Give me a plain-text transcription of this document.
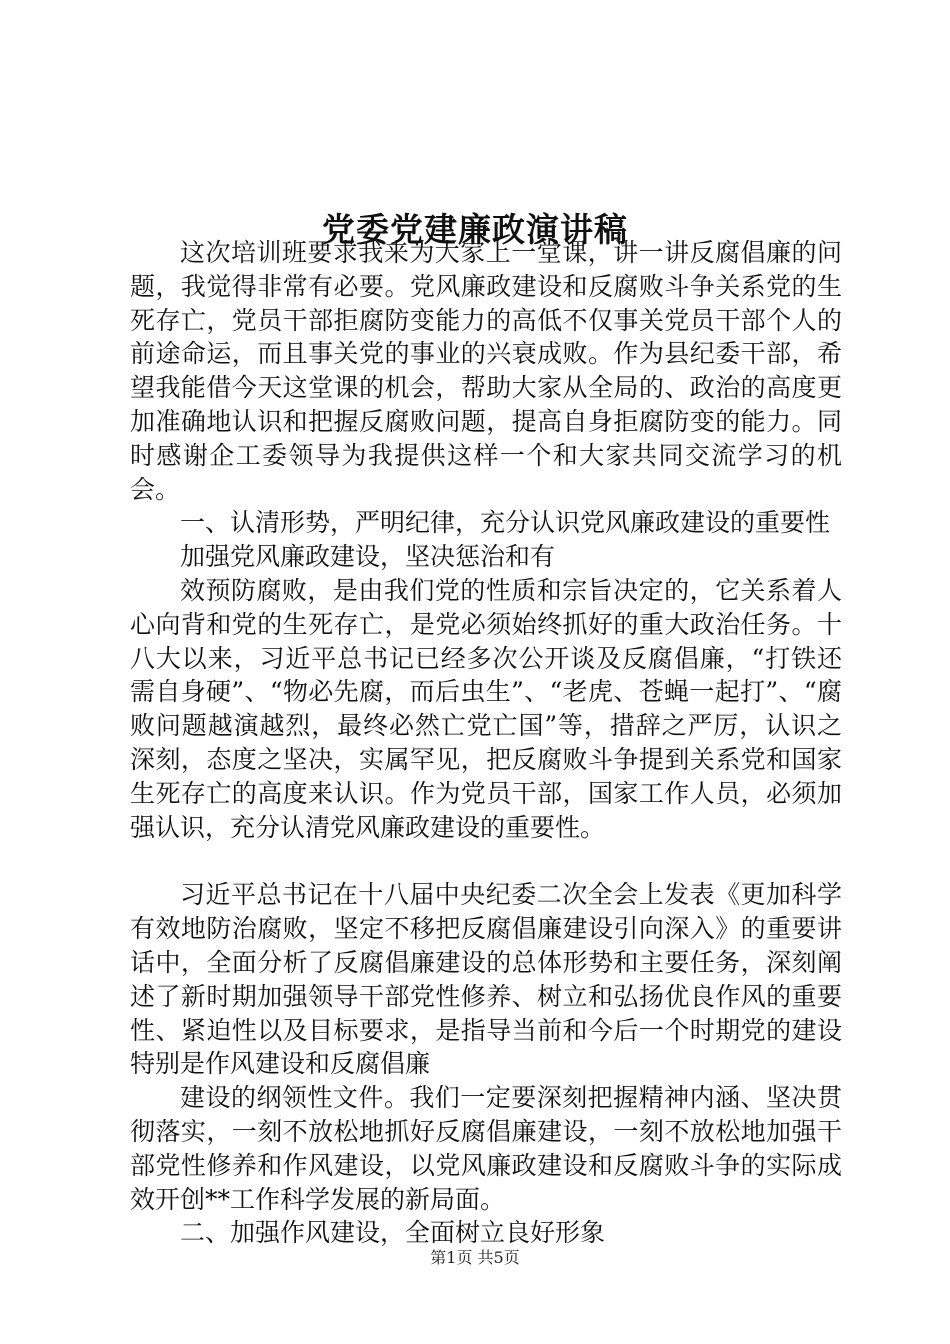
党委党建廉政演讲稿

这次培训班要求我来为大家上一堂课，讲一讲反腐倡廉的问题，我觉得非常有必要。党风廉政建设和反腐败斗争关系党的生死存亡，党员干部拒腐防变能力的高低不仅事关党员干部个人的前途命运，而且事关党的事业的兴衰成败。作为县纪委干部，希望我能借今天这堂课的机会，帮助大家从全局的、政治的高度更加准确地认识和把握反腐败问题，提高自身拒腐防变的能力。同时感谢企工委领导为我提供这样一个和大家共同交流学习的机会。

一、认清形势，严明纪律，充分认识党风廉政建设的重要性

加强党风廉政建设，坚决惩治和有

效预防腐败，是由我们党的性质和宗旨决定的，它关系着人心向背和党的生死存亡，是党必须始终抓好的重大政治任务。十八大以来，习近平总书记已经多次公开谈及反腐倡廉，“打铁还需自身硬”、“物必先腐，而后虫生”、“老虎、苍蝇一起打”、“腐败问题越演越烈，最终必然亡党亡国”等，措辞之严厉，认识之深刻，态度之坚决，实属罕见，把反腐败斗争提到关系党和国家生死存亡的高度来认识。作为党员干部，国家工作人员，必须加强认识，充分认清党风廉政建设的重要性。

习近平总书记在十八届中央纪委二次全会上发表《更加科学有效地防治腐败，坚定不移把反腐倡廉建设引向深入》的重要讲话中，全面分析了反腐倡廉建设的总体形势和主要任务，深刻阐述了新时期加强领导干部党性修养、树立和弘扬优良作风的重要性、紧迫性以及目标要求，是指导当前和今后一个时期党的建设特别是作风建设和反腐倡廉

建设的纲领性文件。我们一定要深刻把握精神内涵、坚决贯彻落实，一刻不放松地抓好反腐倡廉建设，一刻不放松地加强干部党性修养和作风建设，以党风廉政建设和反腐败斗争的实际成效开创**工作科学发展的新局面。

二、加强作风建设，全面树立良好形象

第1页 共5页
